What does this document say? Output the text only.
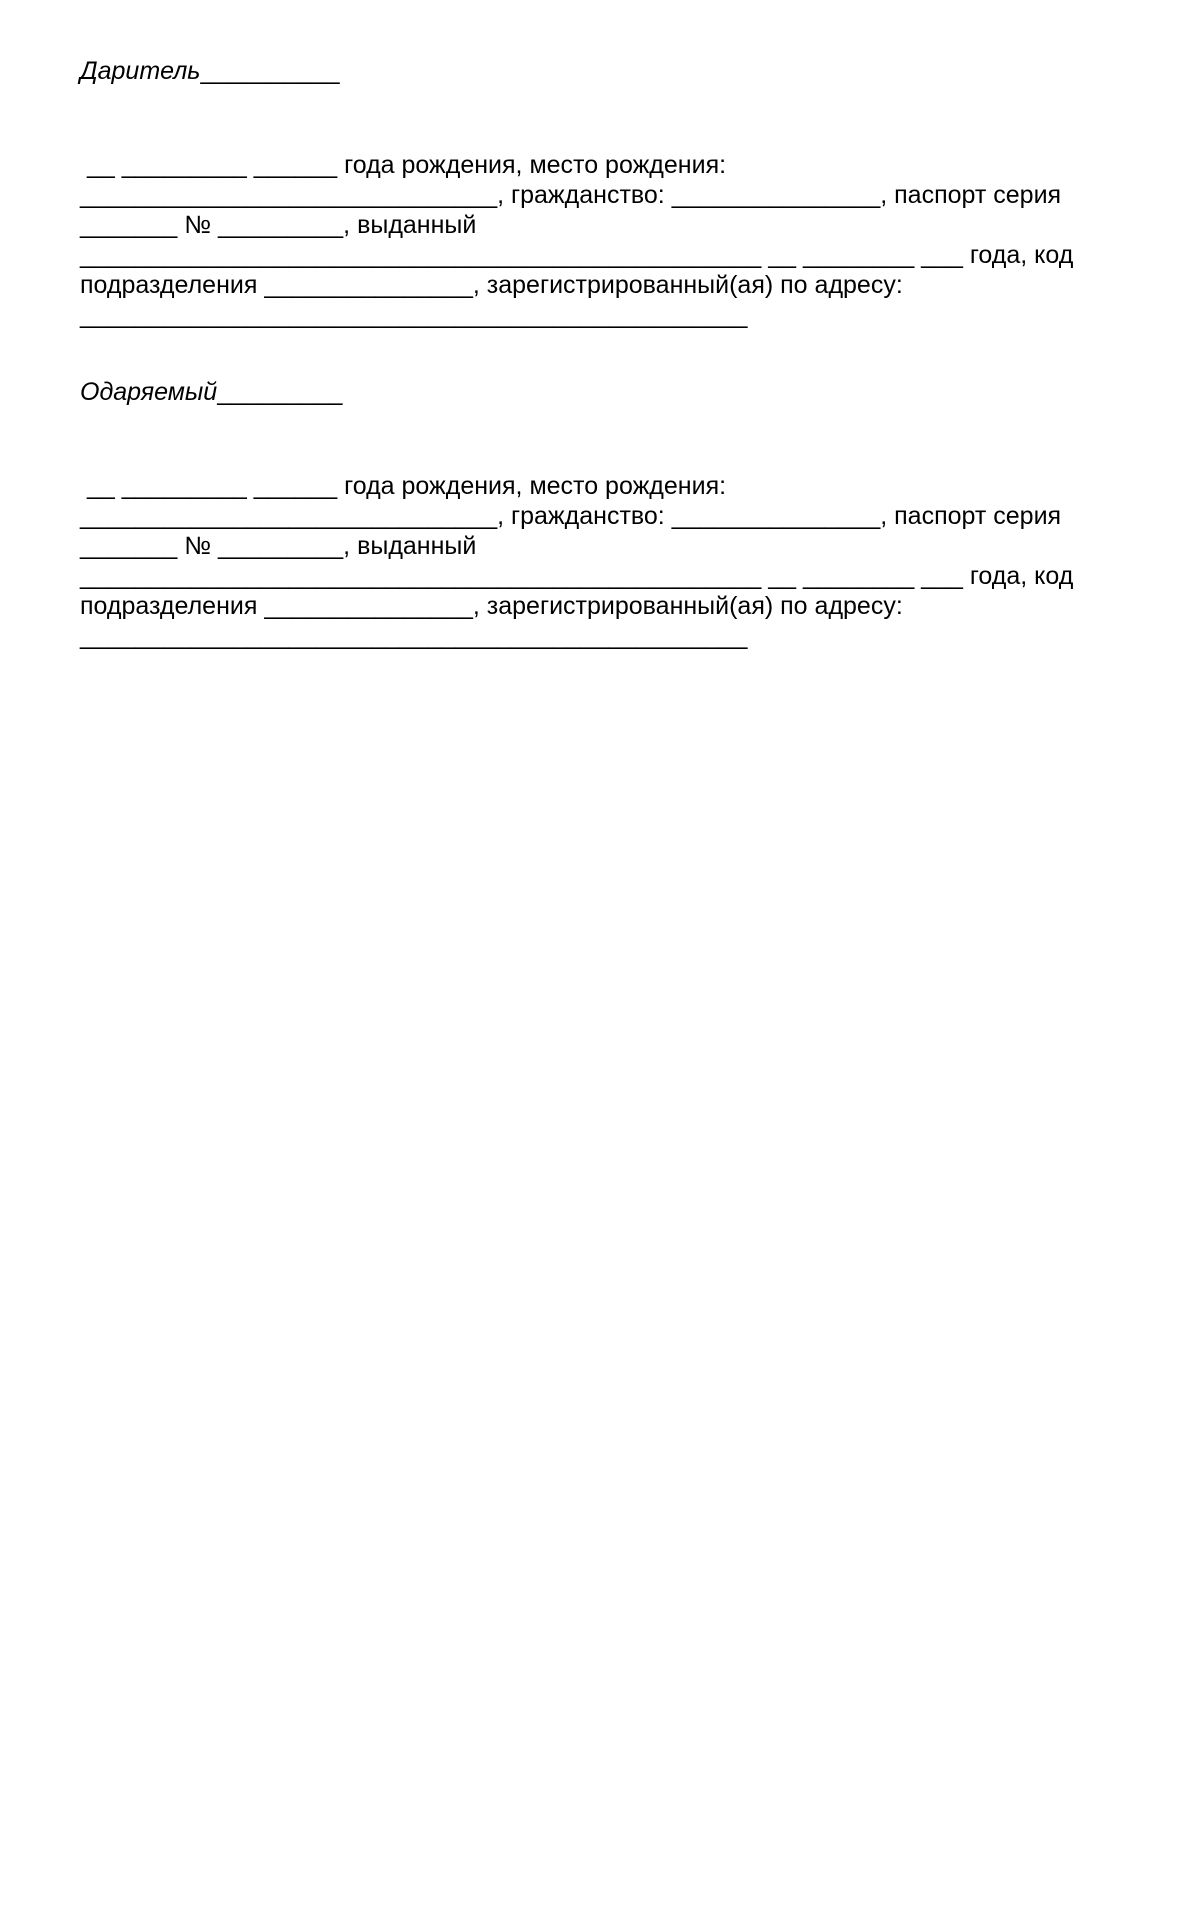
Даритель__________
__ _________ ______ года рождения, место рождения:
______________________________, гражданство: _______________, паспорт серия
_______ № _________, выданный
_________________________________________________ __ ________ ___ года, код
подразделения _______________, зарегистрированный(ая) по адресу:
________________________________________________
Одаряемый_________
__ _________ ______ года рождения, место рождения:
______________________________, гражданство: _______________, паспорт серия
_______ № _________, выданный
_________________________________________________ __ ________ ___ года, код
подразделения _______________, зарегистрированный(ая) по адресу:
________________________________________________
